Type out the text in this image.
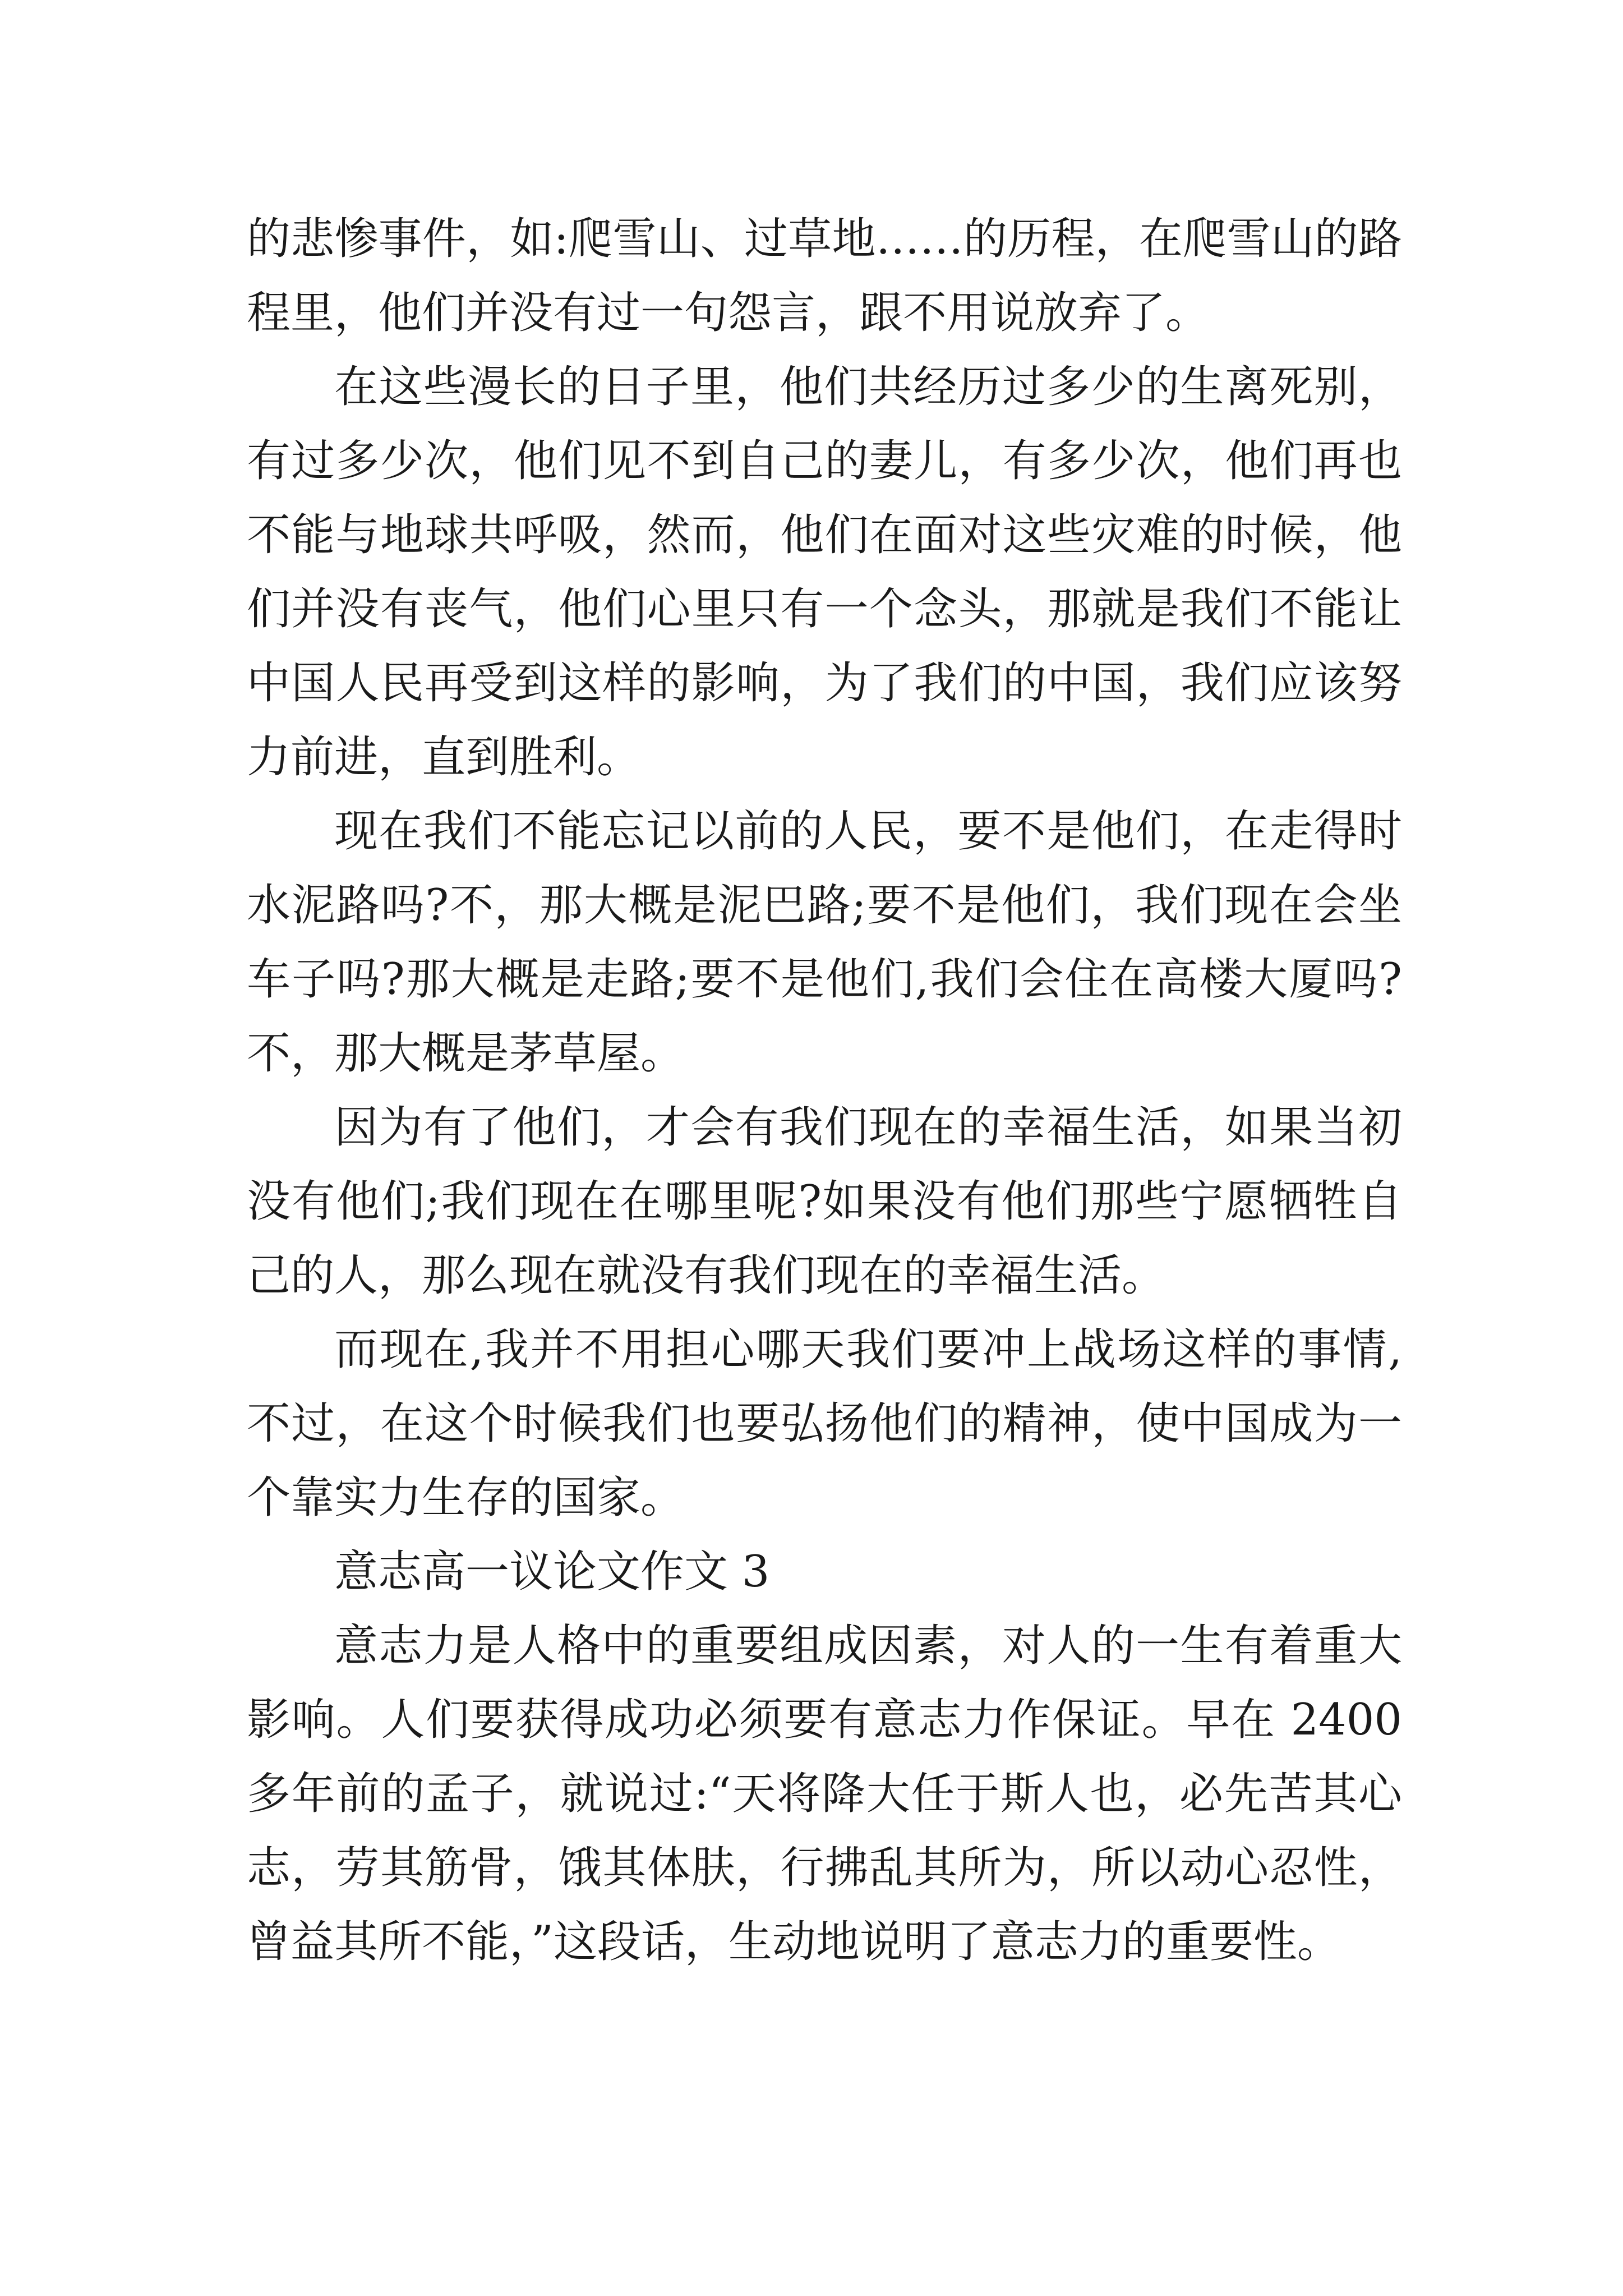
的悲惨事件，如:爬雪山、过草地……的历程，在爬雪山的路程里，他们并没有过一句怨言，跟不用说放弃了。

在这些漫长的日子里，他们共经历过多少的生离死别，有过多少次，他们见不到自己的妻儿，有多少次，他们再也不能与地球共呼吸，然而，他们在面对这些灾难的时候，他们并没有丧气，他们心里只有一个念头，那就是我们不能让中国人民再受到这样的影响，为了我们的中国，我们应该努力前进，直到胜利。

现在我们不能忘记以前的人民，要不是他们，在走得时水泥路吗?不，那大概是泥巴路;要不是他们，我们现在会坐车子吗?那大概是走路;要不是他们,我们会住在高楼大厦吗?不，那大概是茅草屋。

因为有了他们，才会有我们现在的幸福生活，如果当初没有他们;我们现在在哪里呢?如果没有他们那些宁愿牺牲自己的人，那么现在就没有我们现在的幸福生活。

而现在,我并不用担心哪天我们要冲上战场这样的事情,不过，在这个时候我们也要弘扬他们的精神，使中国成为一个靠实力生存的国家。

意志高一议论文作文 3

意志力是人格中的重要组成因素，对人的一生有着重大影响。人们要获得成功必须要有意志力作保证。早在 2400多年前的孟子，就说过:“天将降大任于斯人也，必先苦其心志，劳其筋骨，饿其体肤，行拂乱其所为，所以动心忍性，曾益其所不能，”这段话，生动地说明了意志力的重要性。
